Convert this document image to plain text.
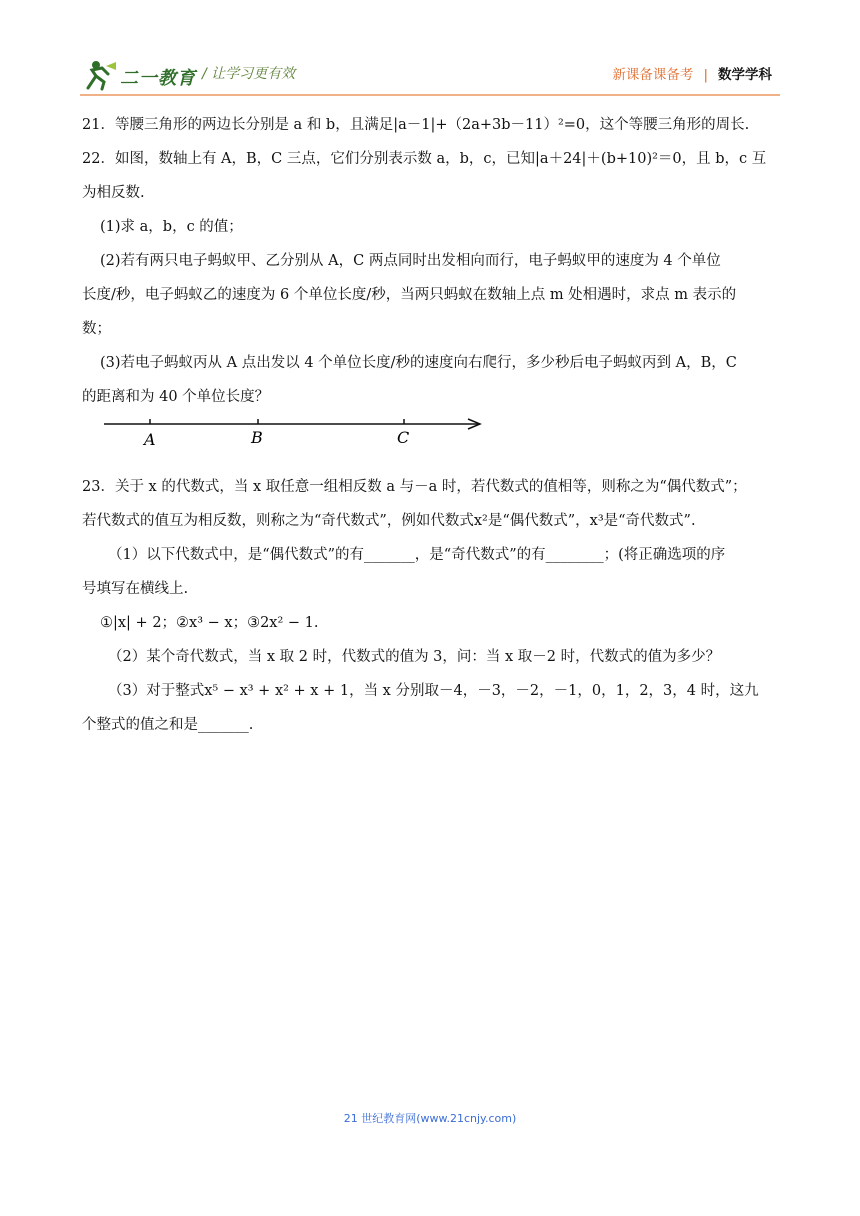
二一教育 / 让学习更有效	新课备课备考 | 数学学科

21．等腰三角形的两边长分别是 a 和 b，且满足|a－1|+（2a+3b－11）²=0，这个等腰三角形的周长.

22．如图，数轴上有 A，B，C 三点，它们分别表示数 a，b，c，已知|a＋24|＋(b+10)²＝0，且 b，c 互

为相反数.

(1)求 a，b，c 的值；

(2)若有两只电子蚂蚁甲、乙分别从 A，C 两点同时出发相向而行，电子蚂蚁甲的速度为 4 个单位

长度/秒，电子蚂蚁乙的速度为 6 个单位长度/秒，当两只蚂蚁在数轴上点 m 处相遇时，求点 m 表示的

数；

(3)若电子蚂蚁丙从 A 点出发以 4 个单位长度/秒的速度向右爬行，多少秒后电子蚂蚁丙到 A，B，C

的距离和为 40 个单位长度？

23．关于 x 的代数式，当 x 取任意一组相反数 a 与－a 时，若代数式的值相等，则称之为“偶代数式”；

若代数式的值互为相反数，则称之为“奇代数式”，例如代数式x²是“偶代数式”，x³是“奇代数式”.

（1）以下代数式中，是“偶代数式”的有_______，是“奇代数式”的有________；(将正确选项的序

号填写在横线上.

①|x| + 2；②x³ − x；③2x² − 1.

（2）某个奇代数式，当 x 取 2 时，代数式的值为 3，问：当 x 取－2 时，代数式的值为多少？

（3）对于整式x⁵ − x³ + x² + x + 1，当 x 分别取－4，－3，－2，－1，0，1，2，3，4 时，这九

个整式的值之和是_______.

A	B	C
21 世纪教育网(www.21cnjy.com)
